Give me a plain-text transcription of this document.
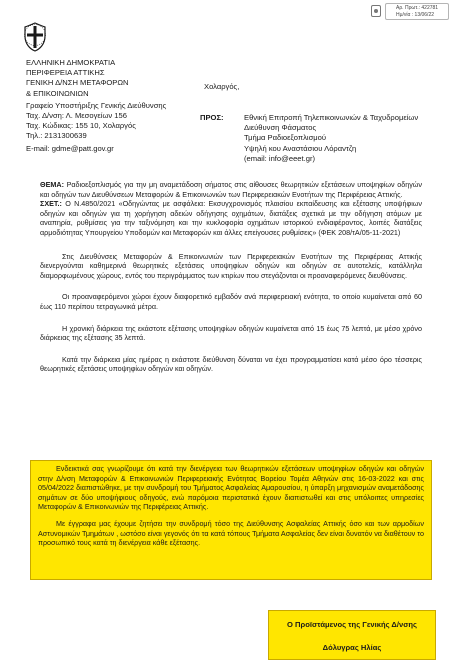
Αρ. Πρωτ.: 422781
Ημ/νία : 13/06/22
ΕΛΛΗΝΙΚΗ ΔΗΜΟΚΡΑΤΙΑ
ΠΕΡΙΦΕΡΕΙΑ ΑΤΤΙΚΗΣ
ΓΕΝΙΚΗ Δ/ΝΣΗ ΜΕΤΑΦΟΡΩΝ
& ΕΠΙΚΟΙΝΩΝΙΩΝ
Γραφείο Υποστήριξης Γενικής Διεύθυνσης
Ταχ. Δ/νση: Λ. Μεσογείων 156
Ταχ. Κώδικας: 155 10, Χολαργός
Τηλ.: 2131300639
E-mail: gdme@patt.gov.gr
Χολαργός,
ΠΡΟΣ:	Εθνική Επιτροπή Τηλεπικοινωνιών & Ταχυδρομείων
Διεύθυνση Φάσματος
Τμήμα Ραδιοεξοπλισμού
Υψηλή κου Αναστάσιου Λόραντζη
(email: info@eeet.gr)

ΘΕΜΑ: Ραδιοεξοπλισμός για την μη αναμετάδοση σήματος στις αίθουσες θεωρητικών εξετάσεων υποψηφίων οδηγών και οδηγών των Διευθύνσεων Μεταφορών & Επικοινωνιών των Περιφερειακών Ενοτήτων της Περιφέρειας Αττικής.

ΣΧΕΤ.: Ο Ν.4850/2021 «Οδηγώντας με ασφάλεια: Εκσυγχρονισμός πλαισίου εκπαίδευσης και εξέτασης υποψήφιων οδηγών και οδηγών για τη χορήγηση αδειών οδήγησης οχημάτων, διατάξεις σχετικά με την οδήγηση ατόμων με αναπηρία, ρυθμίσεις για την ταξινόμηση και την κυκλοφορία οχημάτων ιστορικού ενδιαφέροντος, λοιπές διατάξεις αρμοδιότητας Υπουργείου Υποδομών και Μεταφορών και άλλες επείγουσες ρυθμίσεις» (ΦΕΚ 208/τΑ/05-11-2021)

Στις Διευθύνσεις Μεταφορών & Επικοινωνιών των Περιφερειακών Ενοτήτων της Περιφέρειας Αττικής διενεργούνται καθημερινά θεωρητικές εξετάσεις υποψηφίων οδηγών και οδηγών σε αυτοτελείς, κατάλληλα διαμορφωμένους χώρους, εντός του περιγράμματος των κτιρίων που στεγάζονται οι προαναφερόμενες διευθύνσεις.

Οι προαναφερόμενοι χώροι έχουν διαφορετικό εμβαδόν ανά περιφερειακή ενότητα, το οποίο κυμαίνεται από 60 έως 110 περίπου τετραγωνικά μέτρα.

Η χρονική διάρκεια της εκάστοτε εξέτασης υποψηφίων οδηγών κυμαίνεται από 15 έως 75 λεπτά, με μέσο χρόνο διάρκειας της εξέτασης 35 λεπτά.

Κατά την διάρκεια μίας ημέρας η εκάστοτε διεύθυνση δύναται να έχει προγραμματίσει κατά μέσο όρο τέσσερις θεωρητικές εξετάσεις υποψηφίων οδηγών και οδηγών.

Ενδεικτικά σας γνωρίζουμε ότι κατά την διενέργεια των θεωρητικών εξετάσεων υποψηφίων οδηγών και οδηγών στην Δ/νση Μεταφορών & Επικοινωνιών Περιφερειακής Ενότητας Βορείου Τομέα Αθηνών στις 16-03-2022 και στις 05/04/2022 διαπιστώθηκε, με την συνδρομή του Τμήματος Ασφαλείας Αμαρουσίου, η ύπαρξη μηχανισμών αναμετάδοσης σημάτων σε δύο υποψήφιους οδηγούς, ενώ παρόμοια περιστατικά έχουν διαπιστωθεί και στις υπόλοιπες υπηρεσίες Μεταφορών & Επικοινωνιών της Περιφέρειας Αττικής.

Με έγγραφα μας έχουμε ζητήσει την συνδρομή τόσο της Διεύθυνσης Ασφαλείας Αττικής όσο και των αρμοδίων Αστυνομικών Τμημάτων , ωστόσο είναι γεγονός ότι τα κατά τόπους Τμήματα Ασφαλείας δεν είναι δυνατόν να διαθέτουν το προσωπικό τους κατά τη διενέργεια κάθε εξέτασης.

Ο Προϊστάμενος της Γενικής Δ/νσης
Δόλυγρας Ηλίας
